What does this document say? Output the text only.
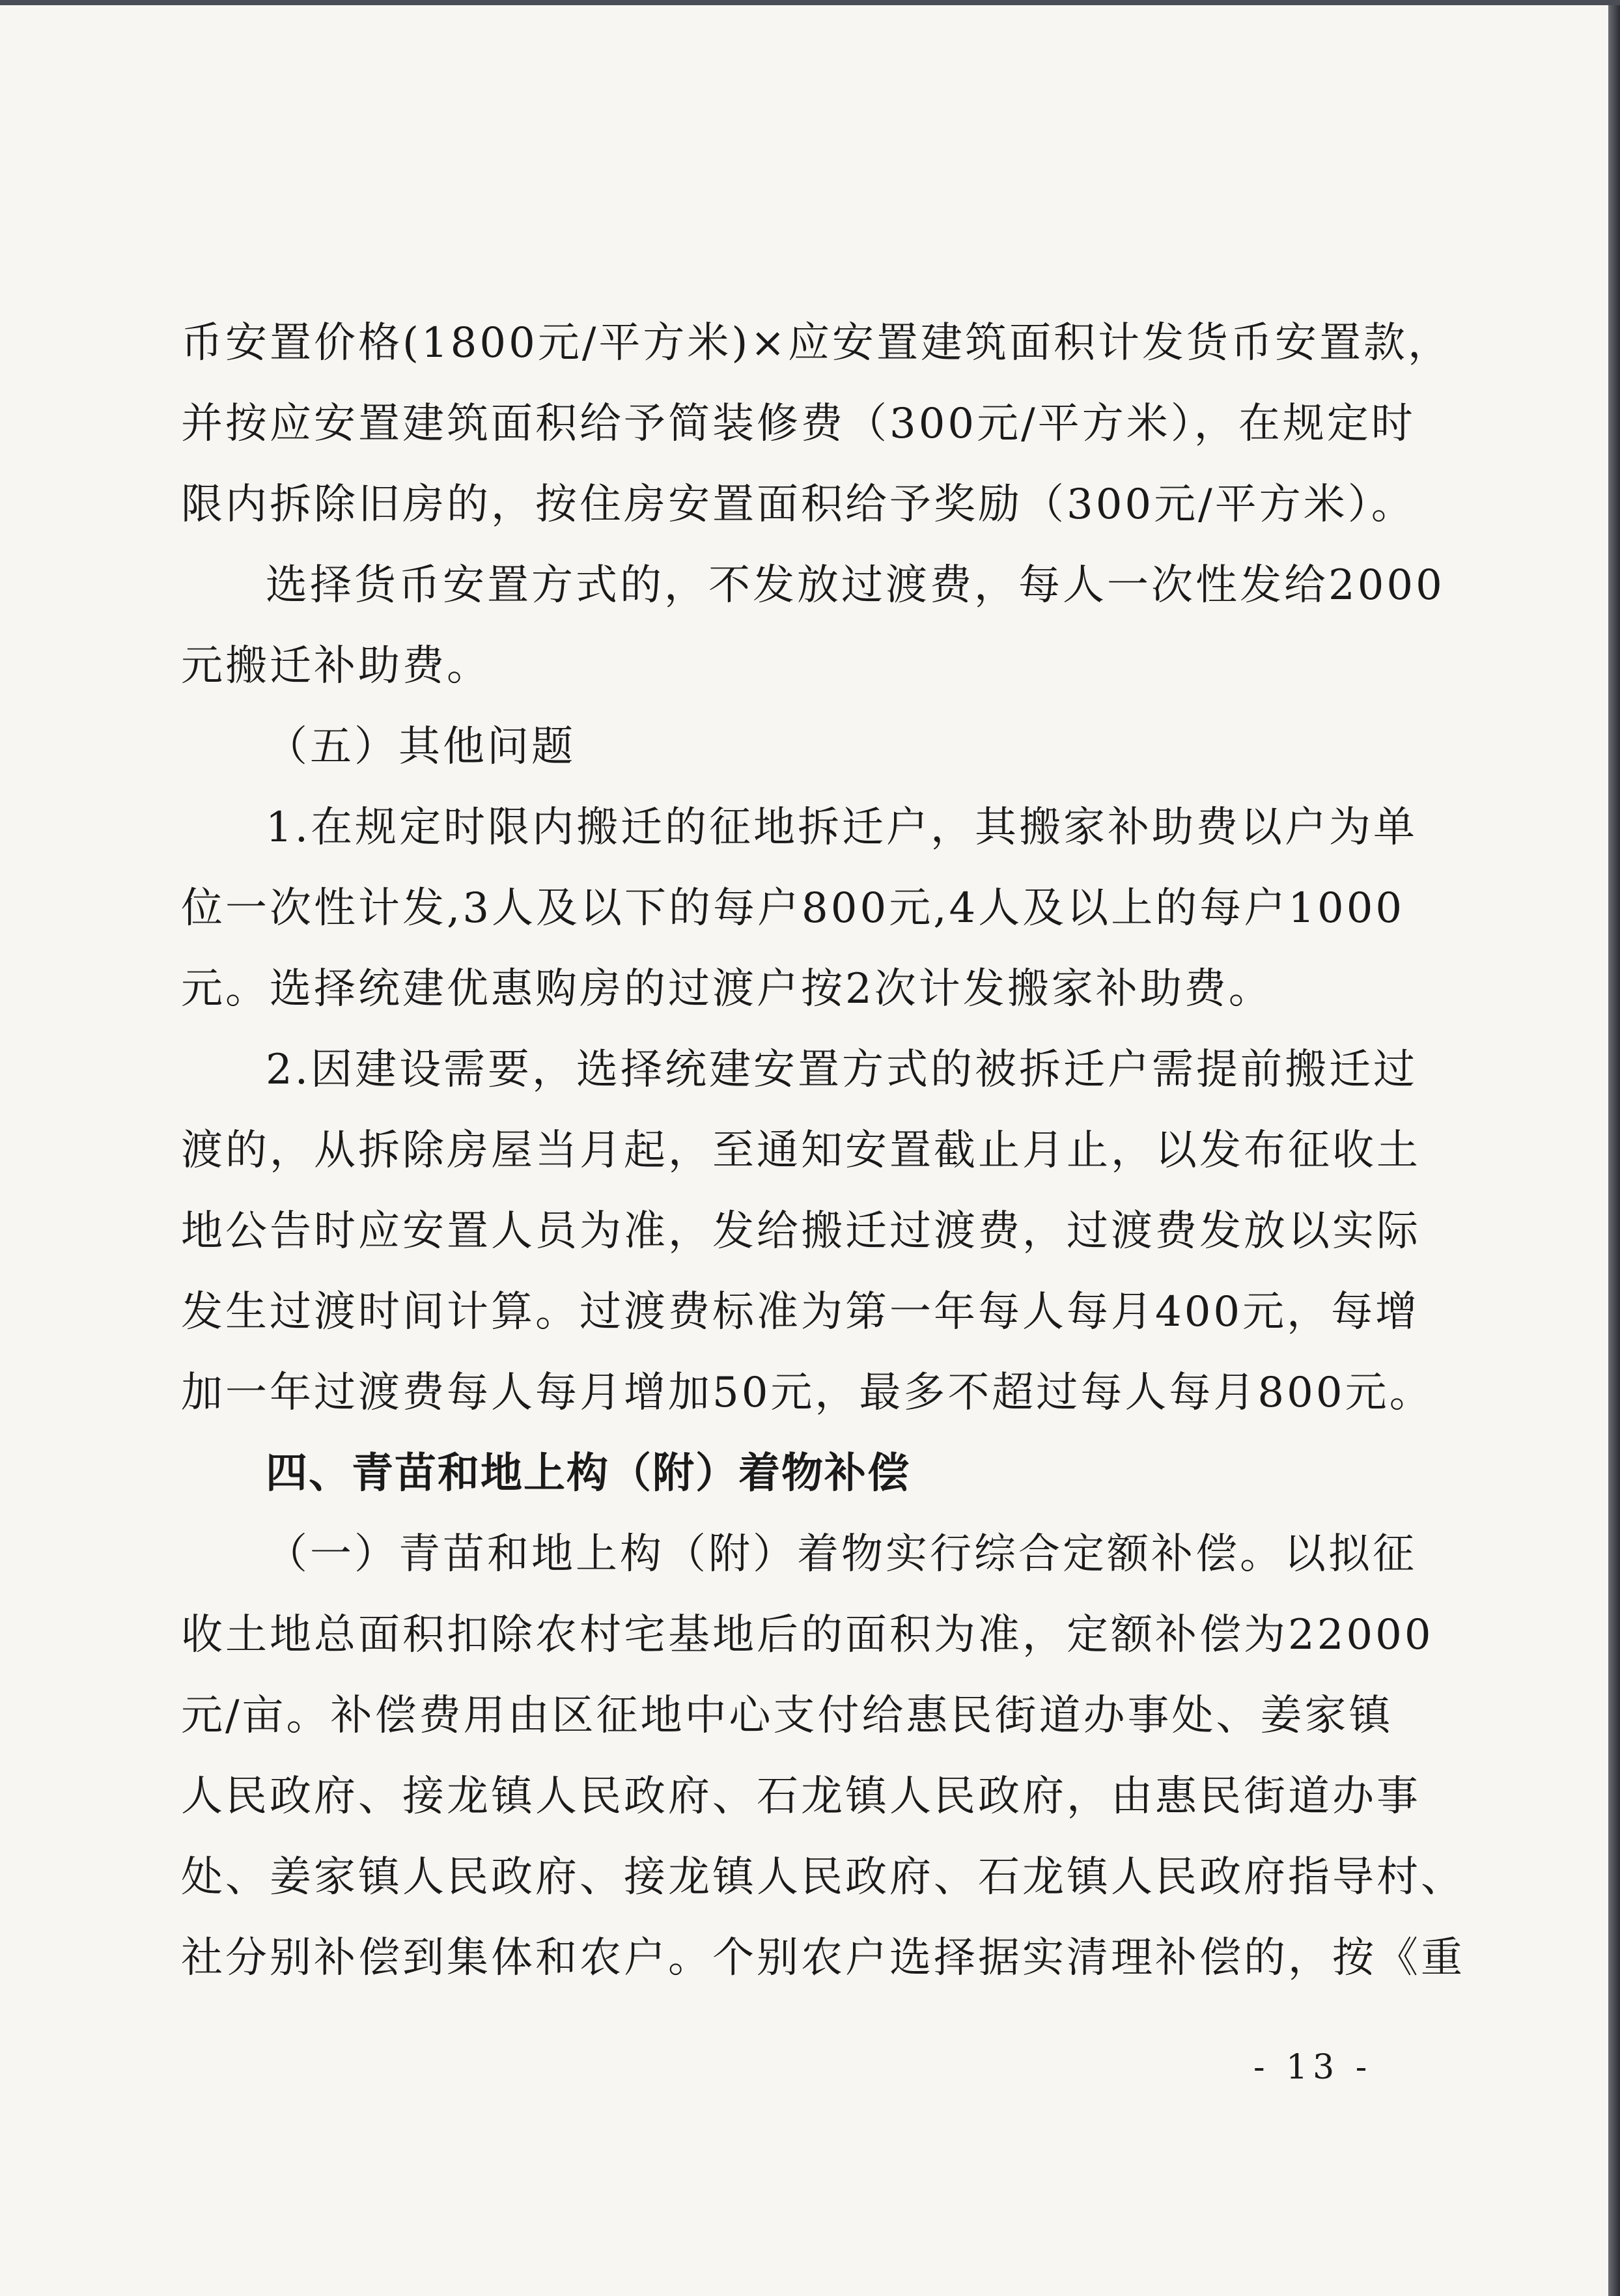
币安置价格(1800元/平方米)×应安置建筑面积计发货币安置款，
并按应安置建筑面积给予简装修费（300元/平方米），在规定时
限内拆除旧房的，按住房安置面积给予奖励（300元/平方米）。
选择货币安置方式的，不发放过渡费，每人一次性发给2000
元搬迁补助费。
（五）其他问题
1.在规定时限内搬迁的征地拆迁户，其搬家补助费以户为单
位一次性计发,3人及以下的每户800元,4人及以上的每户1000
元。选择统建优惠购房的过渡户按2次计发搬家补助费。
2.因建设需要，选择统建安置方式的被拆迁户需提前搬迁过
渡的，从拆除房屋当月起，至通知安置截止月止，以发布征收土
地公告时应安置人员为准，发给搬迁过渡费，过渡费发放以实际
发生过渡时间计算。过渡费标准为第一年每人每月400元，每增
加一年过渡费每人每月增加50元，最多不超过每人每月800元。
四、青苗和地上构（附）着物补偿
（一）青苗和地上构（附）着物实行综合定额补偿。以拟征
收土地总面积扣除农村宅基地后的面积为准，定额补偿为22000
元/亩。补偿费用由区征地中心支付给惠民街道办事处、姜家镇
人民政府、接龙镇人民政府、石龙镇人民政府，由惠民街道办事
处、姜家镇人民政府、接龙镇人民政府、石龙镇人民政府指导村、
社分别补偿到集体和农户。个别农户选择据实清理补偿的，按《重
- 13 -
